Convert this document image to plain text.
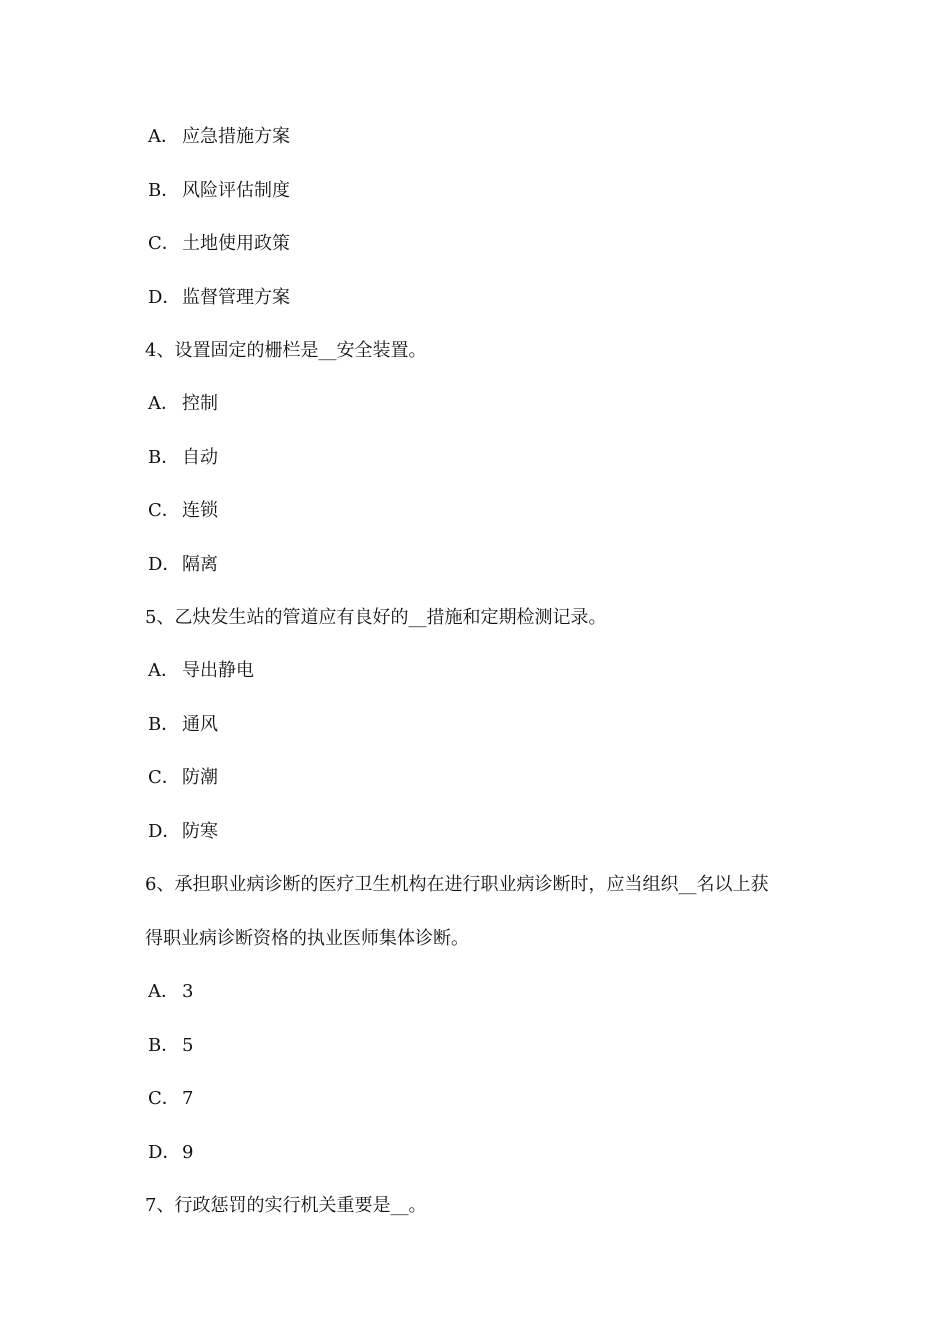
A． 应急措施方案
B． 风险评估制度
C． 土地使用政策
D．监督管理方案
4、设置固定的栅栏是__安全装置。
A． 控制
B． 自动
C． 连锁
D．隔离
5、乙炔发生站的管道应有良好的__措施和定期检测记录。
A． 导出静电
B． 通风
C． 防潮
D．防寒
6、承担职业病诊断的医疗卫生机构在进行职业病诊断时，应当组织__名以上获
得职业病诊断资格的执业医师集体诊断。
A． 3
B． 5
C． 7
D．9
7、行政惩罚的实行机关重要是__。
